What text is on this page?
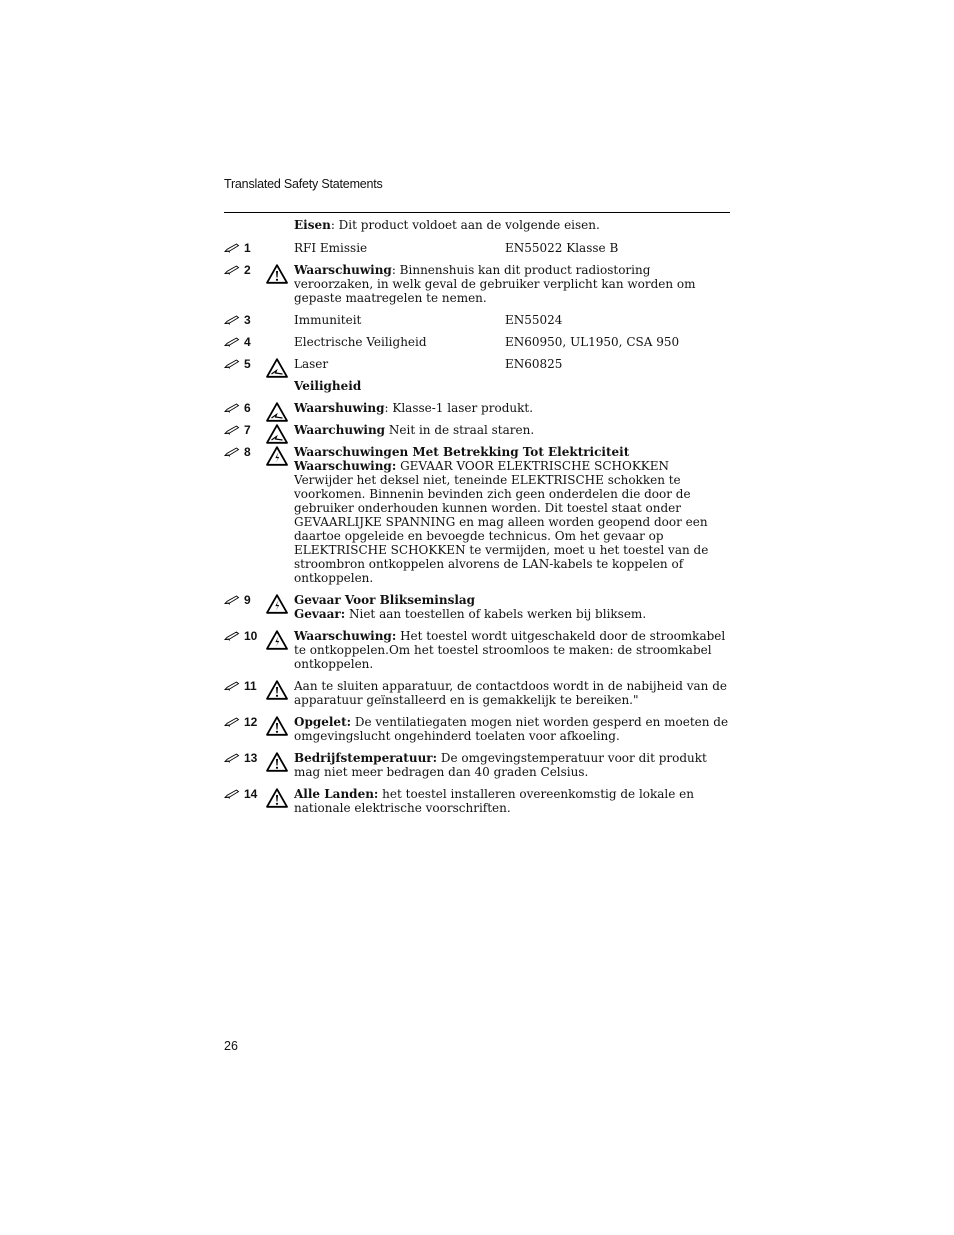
Translated Safety Statements
Eisen: Dit product voldoet aan de volgende eisen.
1	RFI Emissie	EN55022 Klasse B
2	Waarschuwing: Binnenshuis kan dit product radiostoring veroorzaken, in welk geval de gebruiker verplicht kan worden om gepaste maatregelen te nemen.
3	Immuniteit	EN55024
4	Electrische Veiligheid	EN60950, UL1950, CSA 950
5	Laser	EN60825
Veiligheid
6	Waarshuwing: Klasse-1 laser produkt.
7	Waarchuwing Neit in de straal staren.
8	Waarschuwingen Met Betrekking Tot Elektriciteit
Waarschuwing: GEVAAR VOOR ELEKTRISCHE SCHOKKEN Verwijder het deksel niet, teneinde ELEKTRISCHE schokken te voorkomen. Binnenin bevinden zich geen onderdelen die door de gebruiker onderhouden kunnen worden. Dit toestel staat onder GEVAARLIJKE SPANNING en mag alleen worden geopend door een daartoe opgeleide en bevoegde technicus. Om het gevaar op ELEKTRISCHE SCHOKKEN te vermijden, moet u het toestel van de stroombron ontkoppelen alvorens de LAN-kabels te koppelen of ontkoppelen.
9	Gevaar Voor Blikseminslag
Gevaar: Niet aan toestellen of kabels werken bij bliksem.
10	Waarschuwing: Het toestel wordt uitgeschakeld door de stroomkabel te ontkoppelen.Om het toestel stroomloos te maken: de stroomkabel ontkoppelen.
11	Aan te sluiten apparatuur, de contactdoos wordt in de nabijheid van de apparatuur geïnstalleerd en is gemakkelijk te bereiken."
12	Opgelet: De ventilatiegaten mogen niet worden gesperd en moeten de omgevingslucht ongehinderd toelaten voor afkoeling.
13	Bedrijfstemperatuur: De omgevingstemperatuur voor dit produkt mag niet meer bedragen dan 40 graden Celsius.
14	Alle Landen: het toestel installeren overeenkomstig de lokale en nationale elektrische voorschriften.
26
